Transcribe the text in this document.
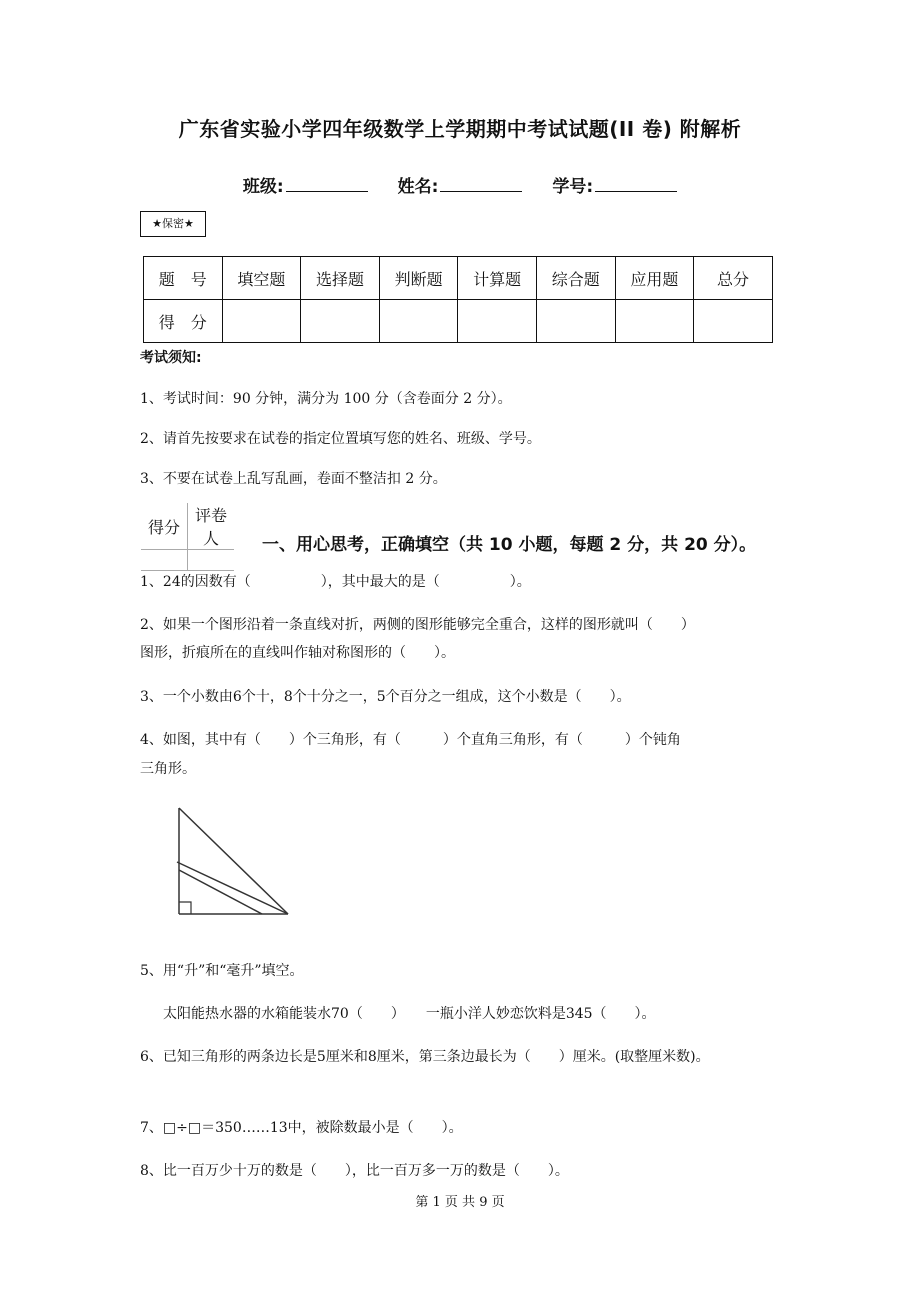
广东省实验小学四年级数学上学期期中考试试题(II 卷) 附解析
班级:	姓名:	学号:
★保密★
题　号	填空题	选择题	判断题	计算题	综合题	应用题	总分
得　分							
考试须知:
1、考试时间：90 分钟，满分为 100 分（含卷面分 2 分）。
2、请首先按要求在试卷的指定位置填写您的姓名、班级、学号。
3、不要在试卷上乱写乱画，卷面不整洁扣 2 分。
得分	评卷人
		一、用心思考，正确填空（共 10 小题，每题 2 分，共 20 分）。
1、24的因数有（　　　　　），其中最大的是（　　　　　）。
2、如果一个图形沿着一条直线对折，两侧的图形能够完全重合，这样的图形就叫（　　）
图形，折痕所在的直线叫作轴对称图形的（　　）。
3、一个小数由6个十，8个十分之一，5个百分之一组成，这个小数是（　　）。
4、如图，其中有（　　）个三角形，有（　　　）个直角三角形，有（　　　）个钝角
三角形。
5、用“升”和“毫升”填空。
太阳能热水器的水箱能装水70（　　）　　一瓶小洋人妙恋饮料是345（　　）。
6、已知三角形的两条边长是5厘米和8厘米，第三条边最长为（　　）厘米。(取整厘米数)。
7、□÷□＝350……13中，被除数最小是（　　）。
8、比一百万少十万的数是（　　），比一百万多一万的数是（　　）。
第 1 页 共 9 页
